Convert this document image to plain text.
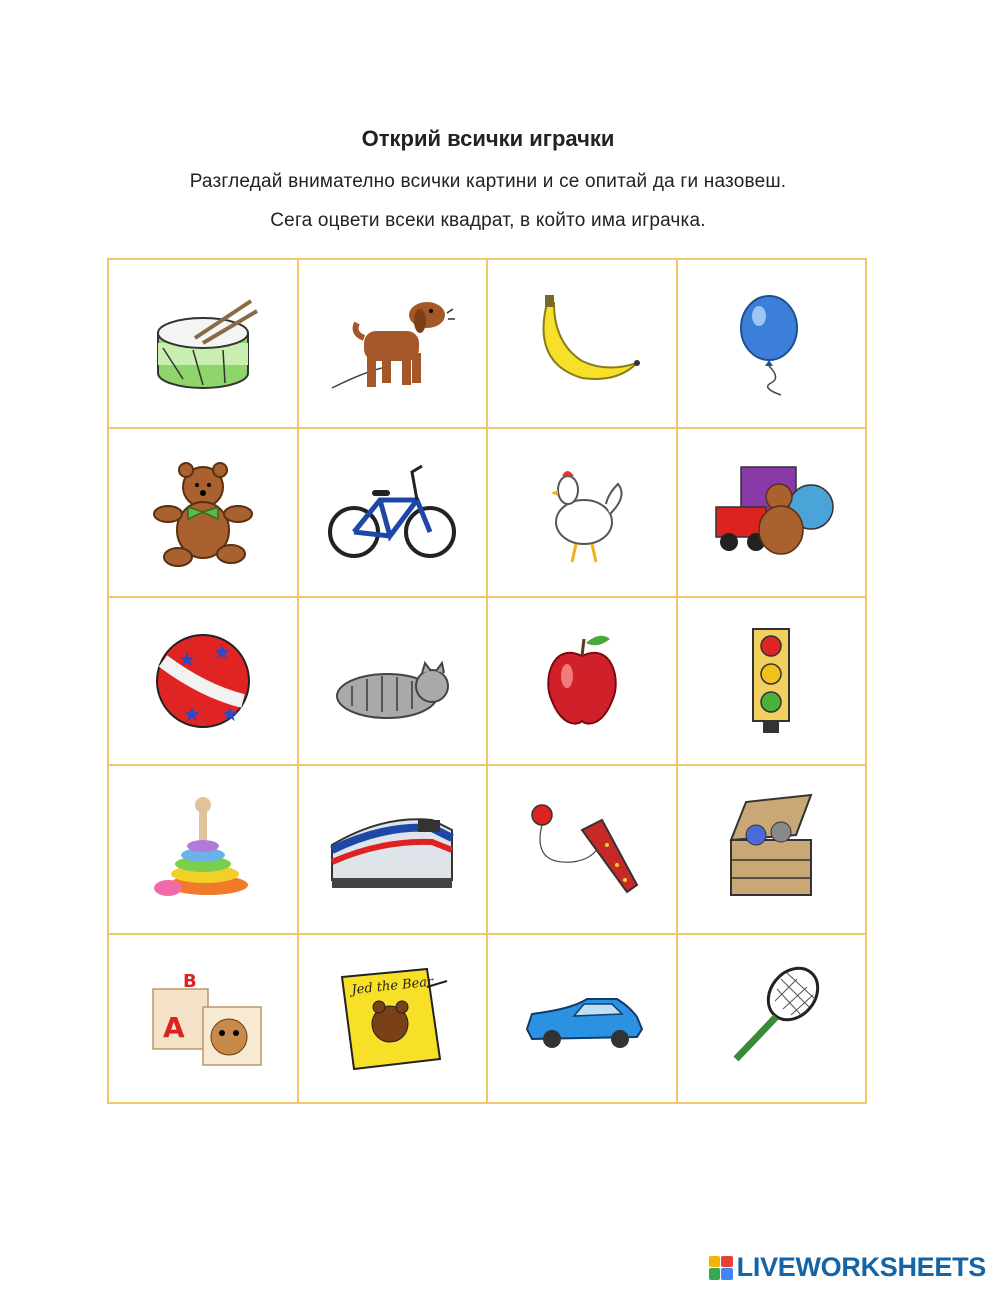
Открий всички играчки
Разгледай внимателно всички картини и се опитай да ги назовеш.
Сега оцвети всеки квадрат, в който има играчка.
★ ★
★ ★
A
B	Jed the Bear
LIVEWORKSHEETS
